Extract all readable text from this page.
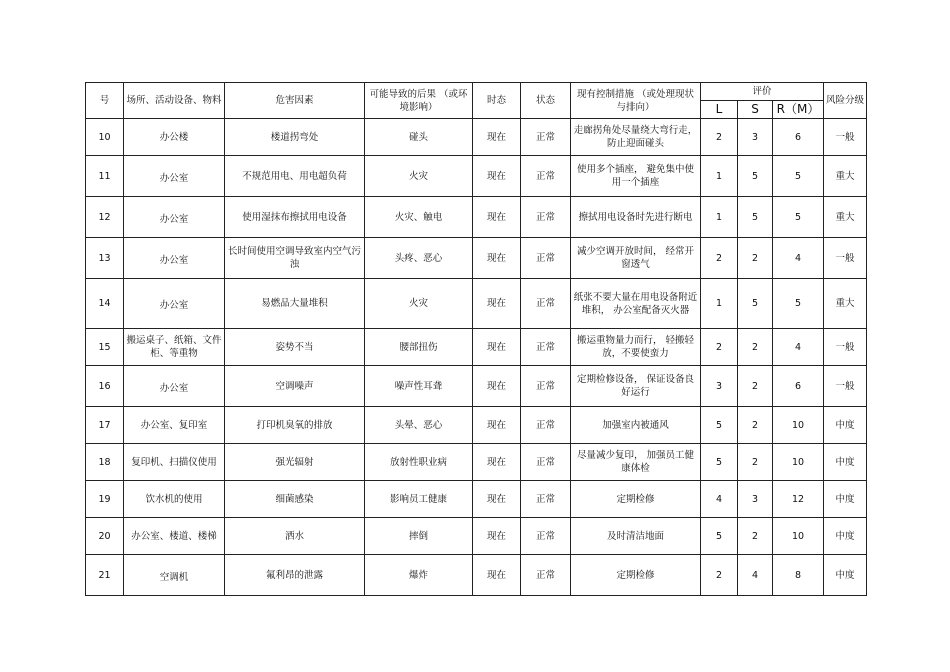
号	场所、活动设备、物料	危害因素	可能导致的后果 （或环境影响）	时态	状态	现有控制措施 （或处理现状与排向）	评价			风险分级
							L	S	R（M）	
10	办公楼	楼道拐弯处	碰头	现在	正常	走廊拐角处尽量绕大弯行走，防止迎面碰头	2	3	6	一般
11	办公室	不规范用电、用电超负荷	火灾	现在	正常	使用多个插座， 避免集中使用一个插座	1	5	5	重大
12	办公室	使用湿抹布擦拭用电设备	火灾、触电	现在	正常	擦拭用电设备时先进行断电	1	5	5	重大
13	办公室	长时间使用空调导致室内空气污浊	头疼、恶心	现在	正常	减少空调开放时间， 经常开窗透气	2	2	4	一般
14	办公室	易燃品大量堆积	火灾	现在	正常	纸张不要大量在用电设备附近堆积， 办公室配备灭火器	1	5	5	重大
15	搬运桌子、纸箱、文件柜、等重物	姿势不当	腰部扭伤	现在	正常	搬运重物量力而行， 轻搬轻放，不要使蛮力	2	2	4	一般
16	办公室	空调噪声	噪声性耳聋	现在	正常	定期检修设备， 保证设备良好运行	3	2	6	一般
17	办公室、复印室	打印机臭氧的排放	头晕、恶心	现在	正常	加强室内被通风	5	2	10	中度
18	复印机、扫描仪使用	强光辐射	放射性职业病	现在	正常	尽量减少复印， 加强员工健康体检	5	2	10	中度
19	饮水机的使用	细菌感染	影响员工健康	现在	正常	定期检修	4	3	12	中度
20	办公室、楼道、楼梯	洒水	摔倒	现在	正常	及时清洁地面	5	2	10	中度
21	空调机	氟利昂的泄露	爆炸	现在	正常	定期检修	2	4	8	中度
